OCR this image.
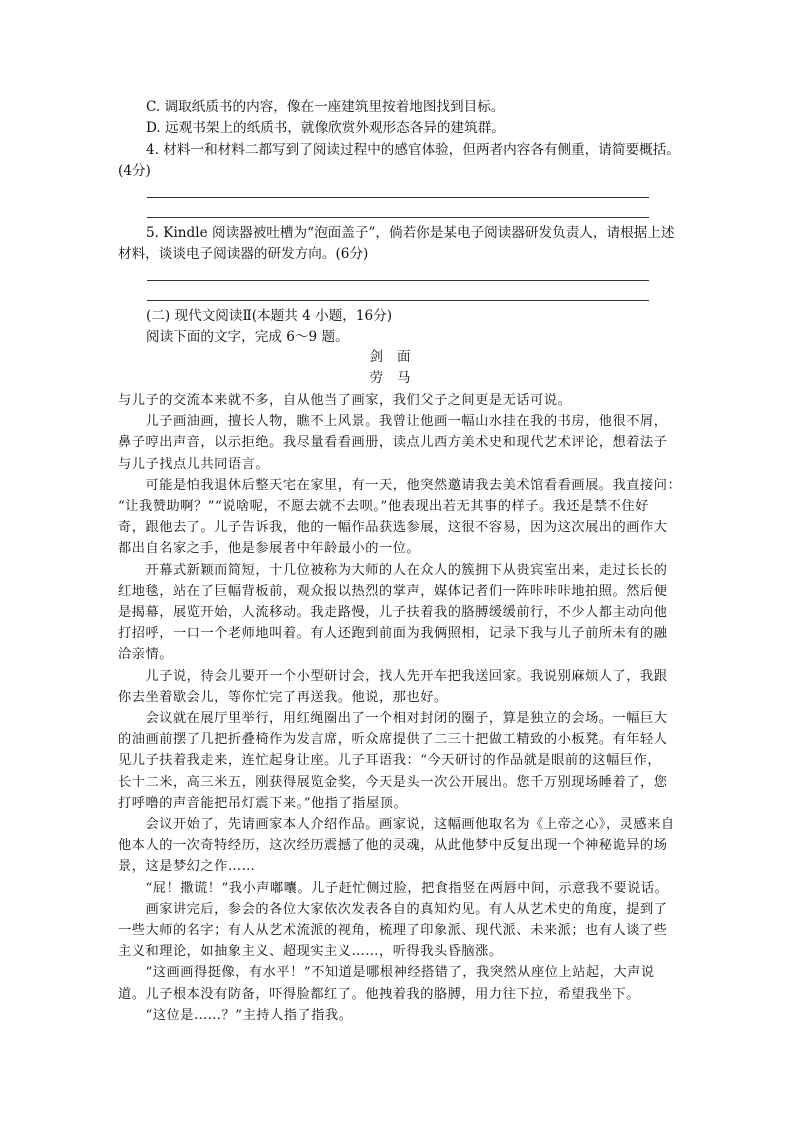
C. 调取纸质书的内容，像在一座建筑里按着地图找到目标。
D. 远观书架上的纸质书，就像欣赏外观形态各异的建筑群。
4. 材料一和材料二都写到了阅读过程中的感官体验，但两者内容各有侧重，请简要概括。
(4分)
5. Kindle 阅读器被吐槽为“泡面盖子”，倘若你是某电子阅读器研发负责人，请根据上述
材料，谈谈电子阅读器的研发方向。(6分)
(二) 现代文阅读Ⅱ(本题共 4 小题，16分)
阅读下面的文字，完成 6～9 题。
剑面
劳马
与儿子的交流本来就不多，自从他当了画家，我们父子之间更是无话可说。
　　儿子画油画，擅长人物，瞧不上风景。我曾让他画一幅山水挂在我的书房，他很不屑，
鼻子哼出声音，以示拒绝。我尽量看看画册，读点儿西方美术史和现代艺术评论，想着法子
与儿子找点儿共同语言。
　　可能是怕我退休后整天宅在家里，有一天，他突然邀请我去美术馆看看画展。我直接问：
“让我赞助啊？”“说啥呢，不愿去就不去呗。”他表现出若无其事的样子。我还是禁不住好
奇，跟他去了。儿子告诉我，他的一幅作品获选参展，这很不容易，因为这次展出的画作大
都出自名家之手，他是参展者中年龄最小的一位。
　　开幕式新颖而简短，十几位被称为大师的人在众人的簇拥下从贵宾室出来，走过长长的
红地毯，站在了巨幅背板前，观众报以热烈的掌声，媒体记者们一阵咔咔咔地拍照。然后便
是揭幕，展览开始，人流移动。我走路慢，儿子扶着我的胳膊缓缓前行，不少人都主动向他
打招呼，一口一个老师地叫着。有人还跑到前面为我俩照相，记录下我与儿子前所未有的融
洽亲情。
　　儿子说，待会儿要开一个小型研讨会，找人先开车把我送回家。我说别麻烦人了，我跟
你去坐着歇会儿，等你忙完了再送我。他说，那也好。
　　会议就在展厅里举行，用红绳圈出了一个相对封闭的圈子，算是独立的会场。一幅巨大
的油画前摆了几把折叠椅作为发言席，听众席提供了二三十把做工精致的小板凳。有年轻人
见儿子扶着我走来，连忙起身让座。儿子耳语我：“今天研讨的作品就是眼前的这幅巨作，
长十二米，高三米五，刚获得展览金奖，今天是头一次公开展出。您千万别现场睡着了，您
打呼噜的声音能把吊灯震下来。”他指了指屋顶。
　　会议开始了，先请画家本人介绍作品。画家说，这幅画他取名为《上帝之心》，灵感来自
他本人的一次奇特经历，这次经历震撼了他的灵魂，从此他梦中反复出现一个神秘诡异的场
景，这是梦幻之作……
　　“屁！撒谎！”我小声嘟囔。儿子赶忙侧过脸，把食指竖在两唇中间，示意我不要说话。
　　画家讲完后，参会的各位大家依次发表各自的真知灼见。有人从艺术史的角度，提到了
一些大师的名字；有人从艺术流派的视角，梳理了印象派、现代派、未来派；也有人谈了些
主义和理论，如抽象主义、超现实主义……，听得我头昏脑涨。
　　“这画画得挺像，有水平！”不知道是哪根神经搭错了，我突然从座位上站起，大声说
道。儿子根本没有防备，吓得脸都红了。他拽着我的胳膊，用力往下拉，希望我坐下。
　　“这位是……？”主持人指了指我。
